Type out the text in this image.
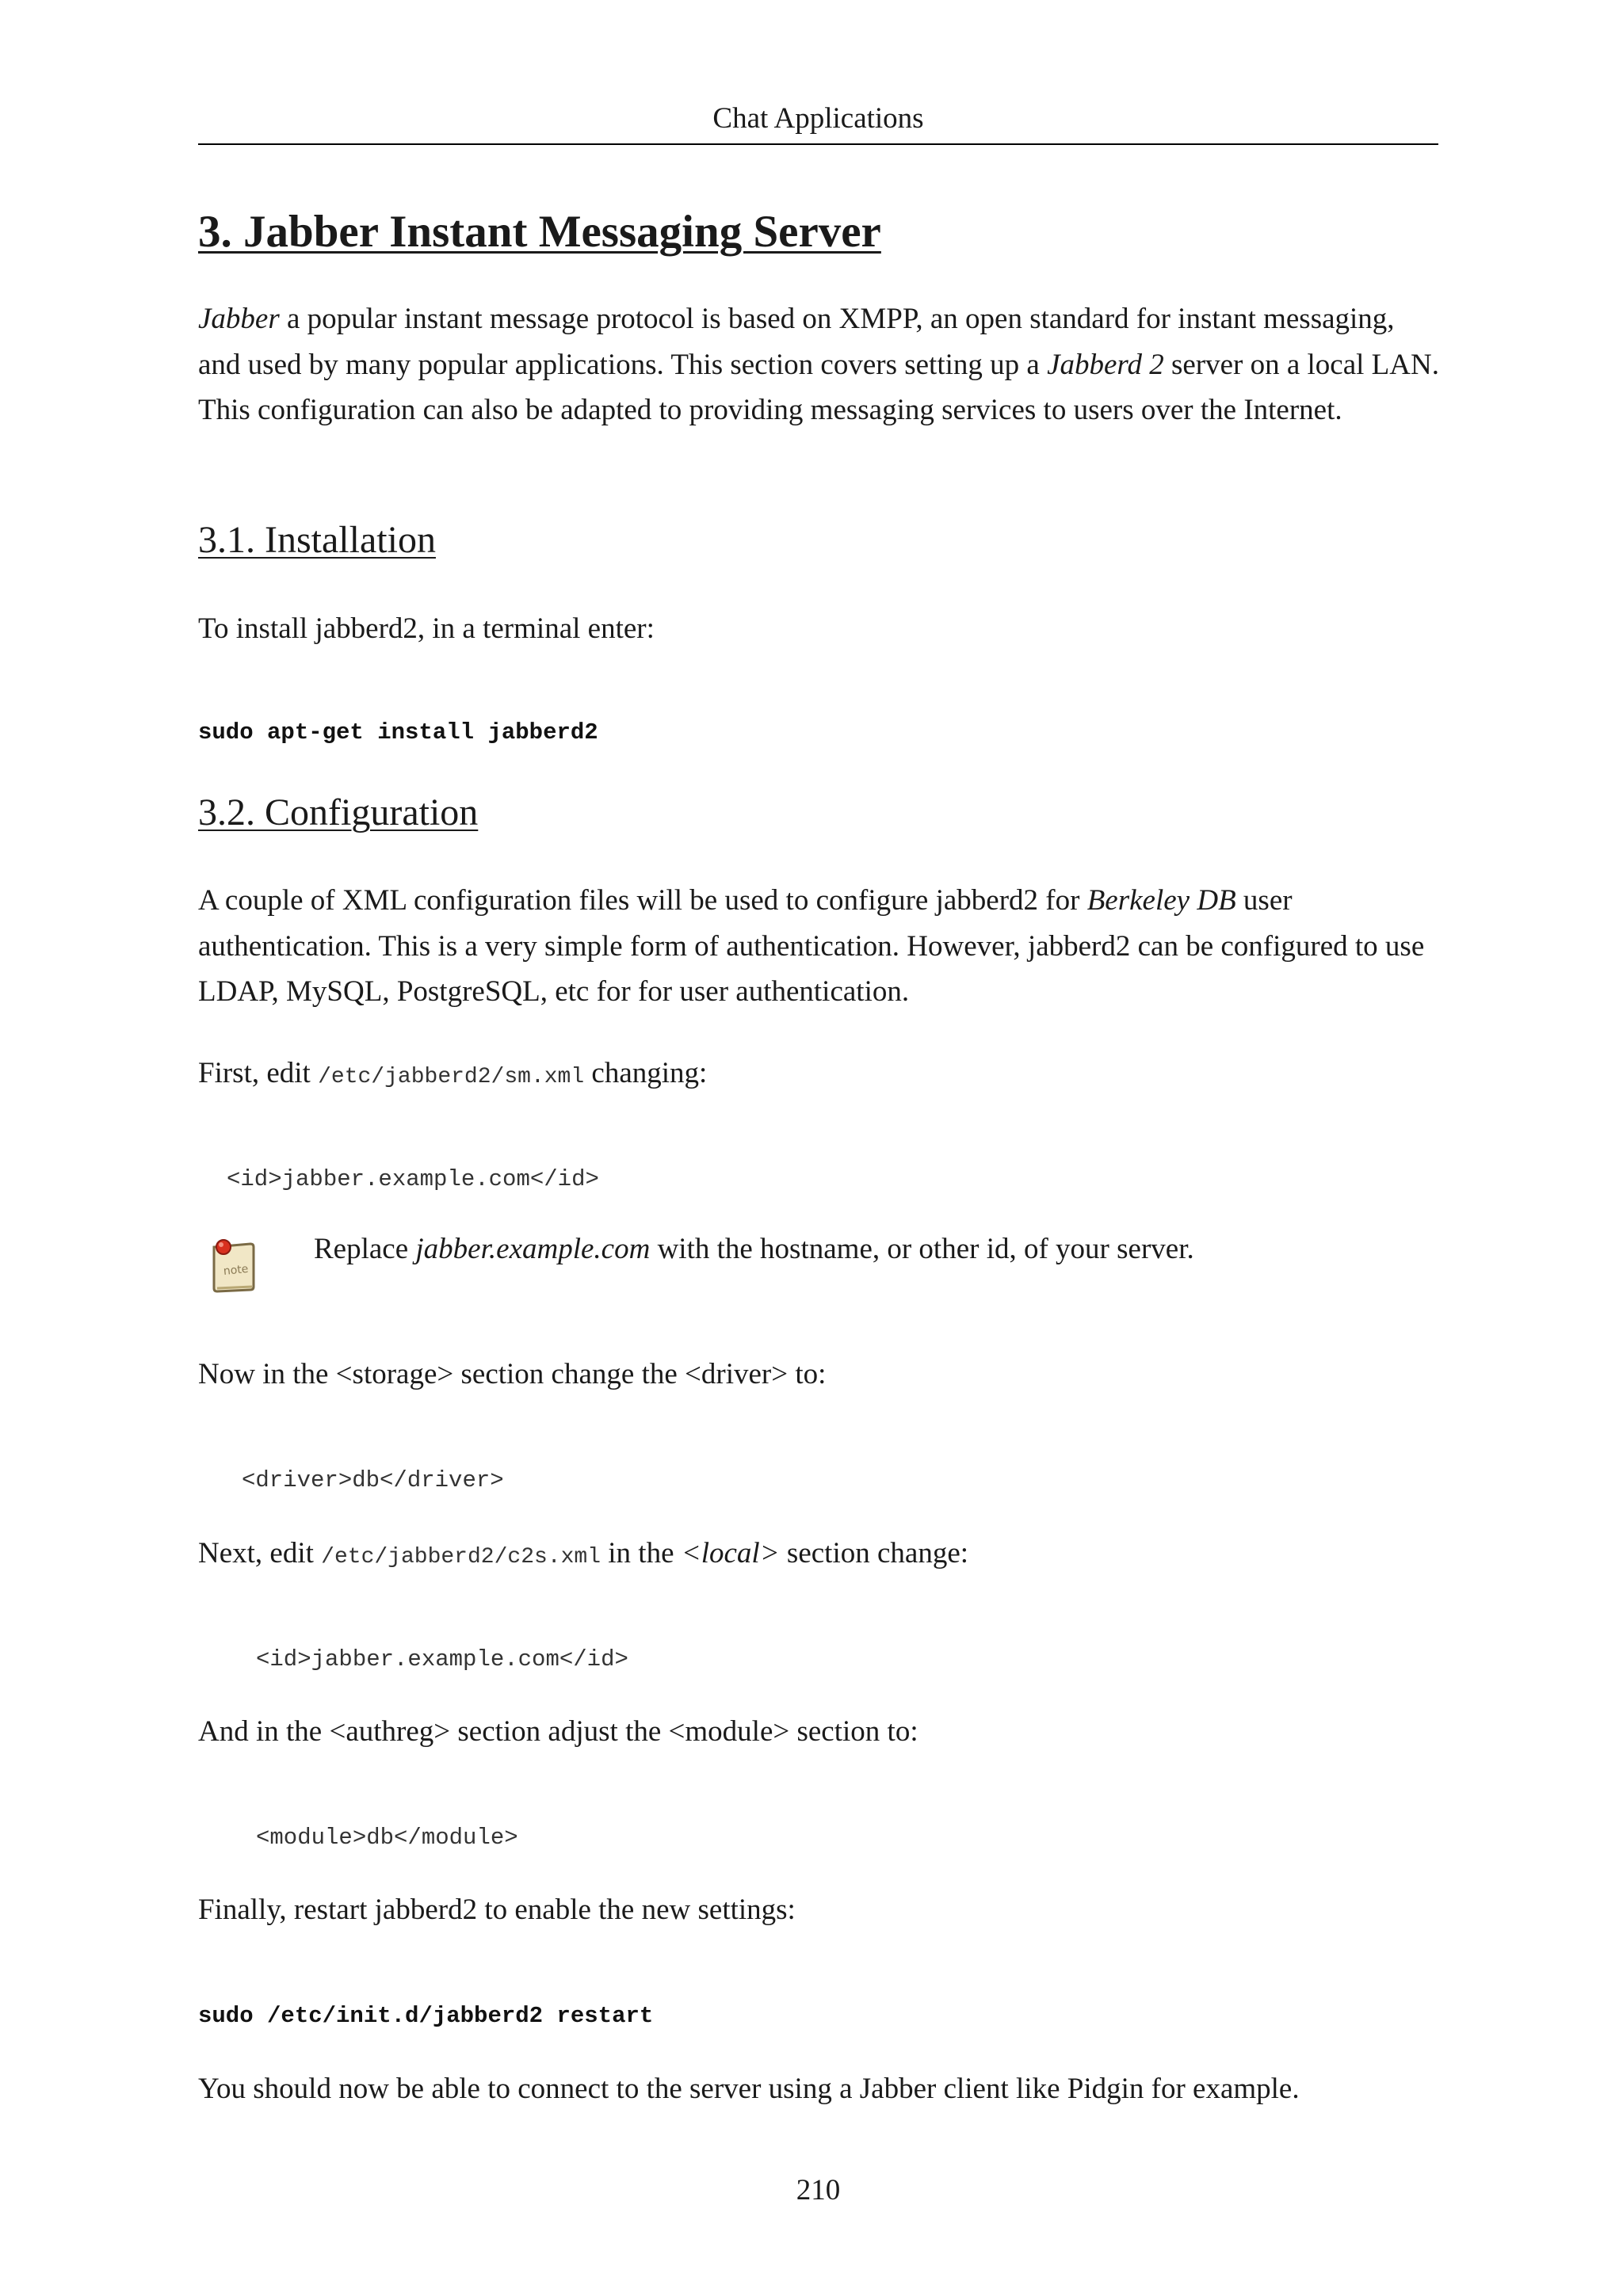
Chat Applications
3. Jabber Instant Messaging Server

Jabber a popular instant message protocol is based on XMPP, an open standard for instant messaging, and used by many popular applications. This section covers setting up a Jabberd 2 server on a local LAN. This configuration can also be adapted to providing messaging services to users over the Internet.

3.1. Installation

To install jabberd2, in a terminal enter:

sudo apt-get install jabberd2
3.2. Configuration

A couple of XML configuration files will be used to configure jabberd2 for Berkeley DB user authentication. This is a very simple form of authentication. However, jabberd2 can be configured to use LDAP, MySQL, PostgreSQL, etc for for user authentication.

First, edit /etc/jabberd2/sm.xml changing:

<id>jabber.example.com</id>
note
Replace jabber.example.com with the hostname, or other id, of your server.

Now in the <storage> section change the <driver> to:

<driver>db</driver>

Next, edit /etc/jabberd2/c2s.xml in the <local> section change:

<id>jabber.example.com</id>

And in the <authreg> section adjust the <module> section to:

<module>db</module>

Finally, restart jabberd2 to enable the new settings:

sudo /etc/init.d/jabberd2 restart

You should now be able to connect to the server using a Jabber client like Pidgin for example.

210
